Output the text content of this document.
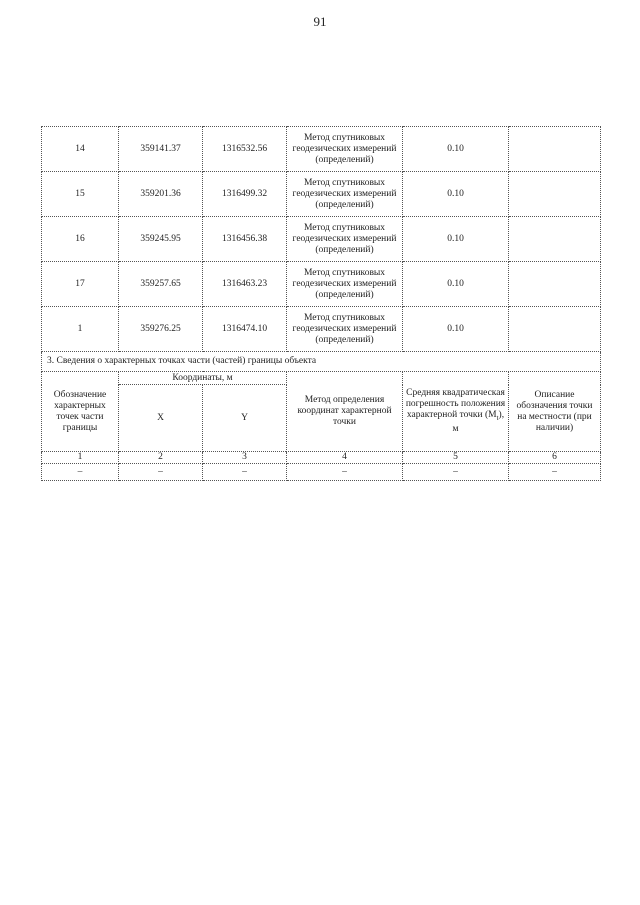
91
14	359141.37	1316532.56	Метод спутниковых
геодезических измерений
(определений)	0.10	
15	359201.36	1316499.32	Метод спутниковых
геодезических измерений
(определений)	0.10	
16	359245.95	1316456.38	Метод спутниковых
геодезических измерений
(определений)	0.10	
17	359257.65	1316463.23	Метод спутниковых
геодезических измерений
(определений)	0.10	
1	359276.25	1316474.10	Метод спутниковых
геодезических измерений
(определений)	0.10	
3. Сведения о характерных точках части (частей) границы объекта					
Обозначение характерных точек части границы	Координаты, м		Метод определения координат характерной точки	Средняя квадратическая погрешность положения характерной точки $(M_t)$, м	Описание обозначения точки на местности (при наличии)
	X	Y			
1	2	3	4	5	6
–	–	–	–	–	–
